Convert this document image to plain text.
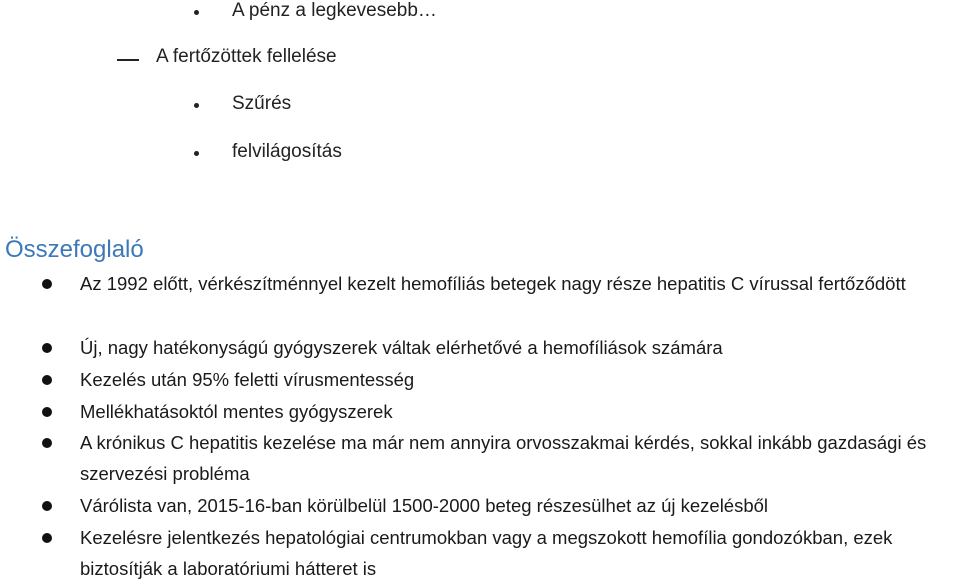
A pénz a legkevesebb…
A fertőzöttek fellelése
Szűrés
felvilágosítás
Összefoglaló
Az 1992 előtt, vérkészítménnyel kezelt hemofíliás betegek nagy része hepatitis C vírussal fertőződött
Új, nagy hatékonyságú gyógyszerek váltak elérhetővé a hemofíliások számára
Kezelés után 95% feletti vírusmentesség
Mellékhatásoktól mentes gyógyszerek
A krónikus C hepatitis kezelése ma már nem annyira orvosszakmai kérdés, sokkal inkább gazdasági és szervezési probléma
Várólista van, 2015-16-ban körülbelül 1500-2000 beteg részesülhet az új kezelésből
Kezelésre jelentkezés hepatológiai centrumokban vagy a megszokott hemofília gondozókban, ezek biztosítják a laboratóriumi hátteret is
